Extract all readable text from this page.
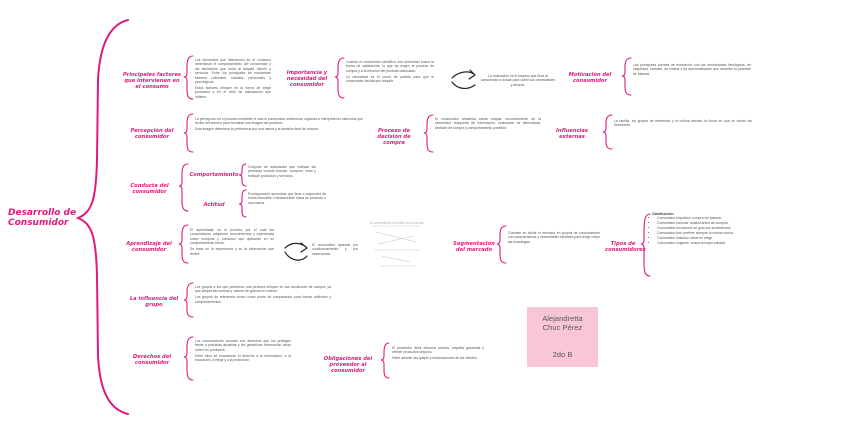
Desarrollo de Consumidor
Principales factores que intervienen en el consumo

Los elementos que intervienen en el consumo determinan el comportamiento del consumidor y las decisiones que toma al adquirir bienes y servicios. Entre los principales se encuentran factores culturales, sociales, personales y psicológicos.

Estos factores influyen en la forma de elegir productos y en el nivel de satisfacción que obtiene.

Importancia y necesidad del consumidor

Cuando el consumidor identifica una necesidad busca la forma de satisfacerla, lo que da origen al proceso de compra y a la elección del producto adecuado.

La necesidad es el punto de partida para que el consumidor decida qué adquirir.

La motivación es el impulso que lleva al consumidor a actuar para cubrir sus necesidades y deseos.
Motivación del consumidor
Las principales fuentes de motivación son las necesidades fisiológicas, de seguridad, sociales, de estima y de autorrealización que describe la pirámide de Maslow.
Percepción del consumidor

La percepción es el proceso mediante el cual el consumidor selecciona, organiza e interpreta los estímulos que recibe del entorno para formarse una imagen del producto.

Esta imagen determina la preferencia por una marca y la decisión final de compra.	Proceso de decisión de compra

El consumidor atraviesa varias etapas: reconocimiento de la necesidad, búsqueda de información, evaluación de alternativas, decisión de compra y comportamiento posterior.

Influencias externas
La familia, los grupos de referencia y la cultura afectan la forma en que se toman las decisiones.
Conducta del consumidor
Comportamiento
Conjunto de actividades que realizan las personas cuando buscan, compran, usan y evalúan productos y servicios.
Actitud
Predisposición aprendida que lleva a responder de forma favorable o desfavorable hacia un producto o una marca.
Aprendizaje del consumidor

El aprendizaje es el proceso por el cual los consumidores adquieren conocimientos y experiencia sobre compras y consumo que aplicarán en su comportamiento futuro.

Se basa en la experiencia y en la información que recibe.

El consumidor aprende por condicionamiento y por observación.
El aprendizaje modifica la conducta
Segmentación del mercado
Consiste en dividir el mercado en grupos de consumidores con características y necesidades similares para dirigir mejor las estrategias.	Tipos de consumidores
Clasificación:
• Consumidor impulsivo: compra sin planear.
• Consumidor racional: analiza antes de comprar.
• Consumidor emocional: se guía por sentimientos.
• Consumidor leal: prefiere siempre la misma marca.
• Consumidor indeciso: tarda en elegir.
• Consumidor exigente: busca la mejor calidad.
La influencia del grupo

Los grupos a los que pertenece una persona influyen en sus decisiones de compra, ya que adopta las normas y valores de quienes le rodean.

Los grupos de referencia sirven como punto de comparación para formar actitudes y comportamientos.

Derechos del consumidor

Los consumidores cuentan con derechos que los protegen frente a prácticas abusivas y les garantizan información veraz sobre los productos.

Entre ellos se encuentran el derecho a la información, a la educación, a elegir y a la protección.	Obligaciones del proveedor al consumidor

El proveedor debe informar precios, respetar garantías y ofrecer productos seguros.

Debe atender las quejas y reclamaciones de los clientes.

Alejandretta
Chuc Pérez
2do B
